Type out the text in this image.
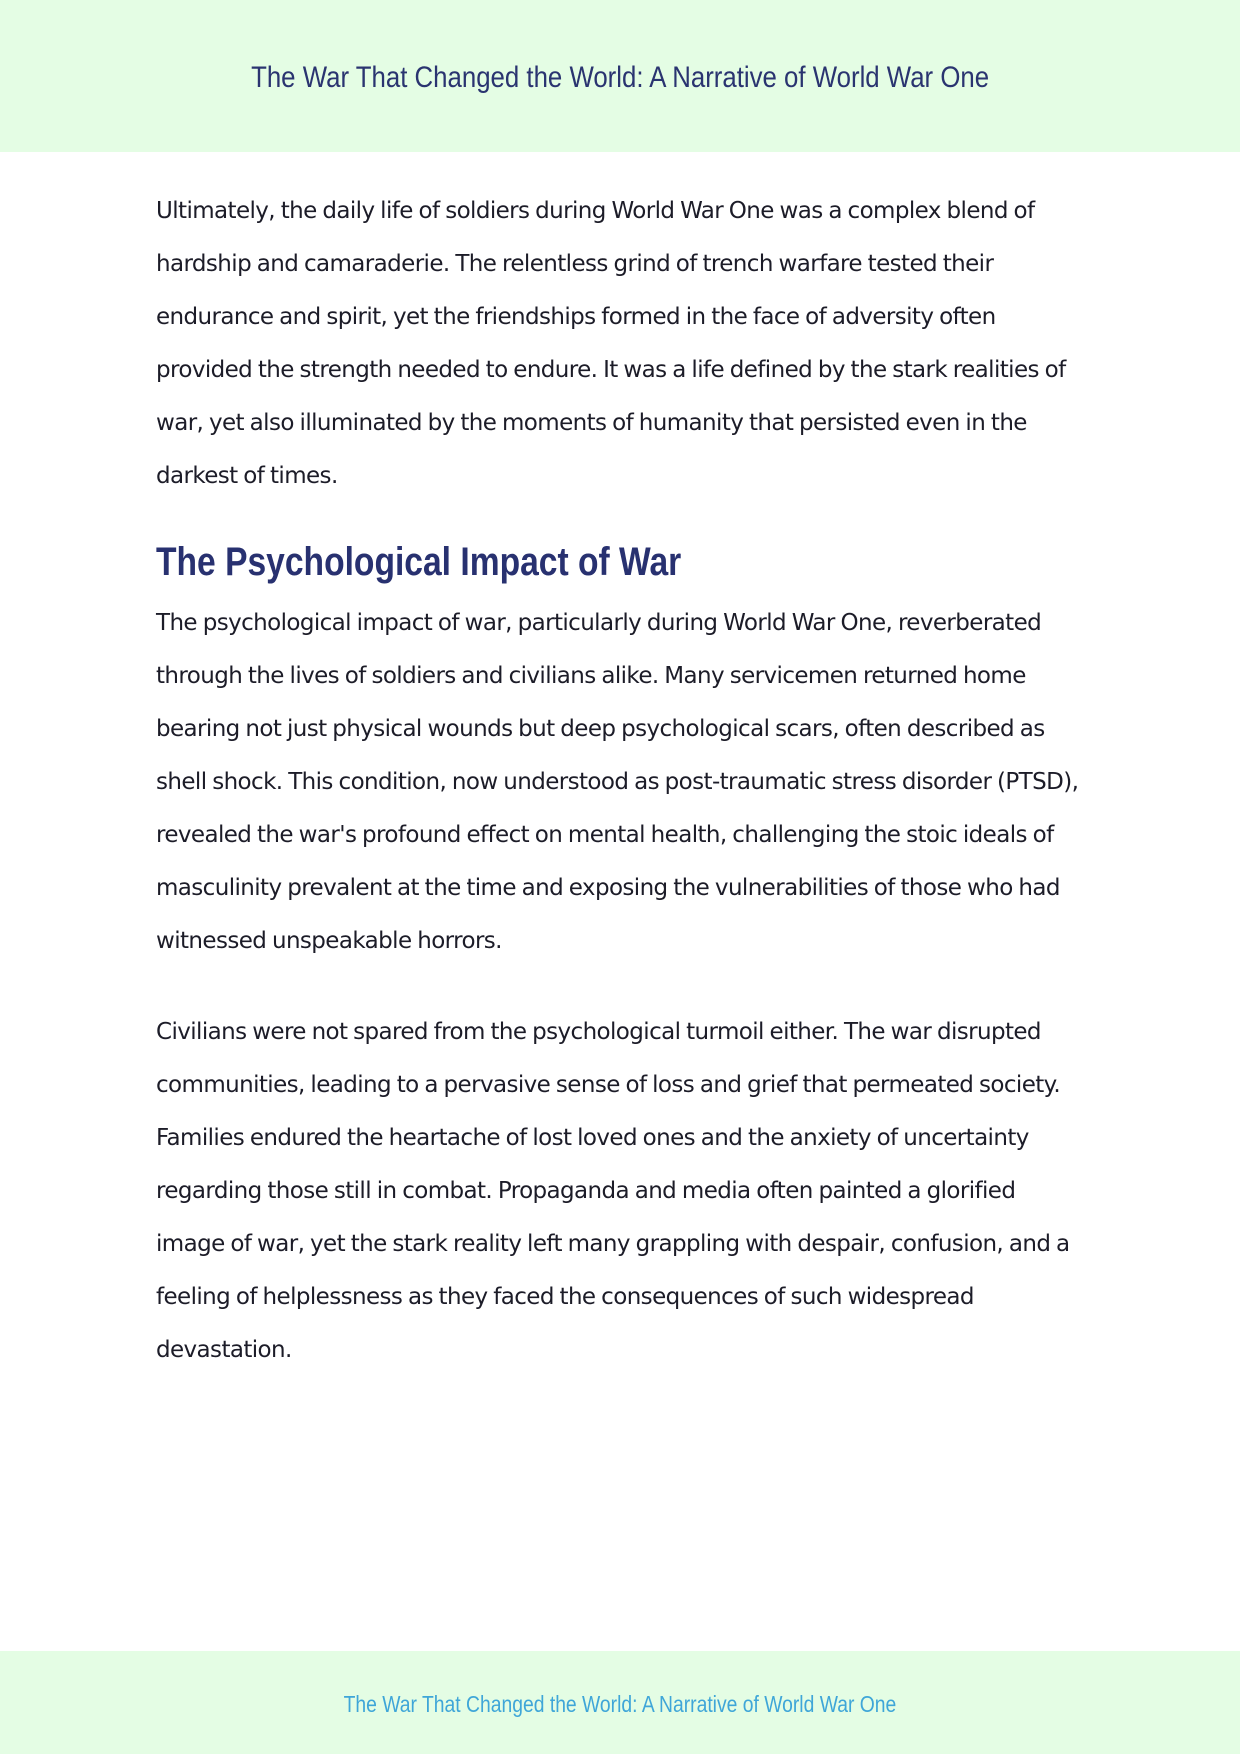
The War That Changed the World: A Narrative of World War One

Ultimately, the daily life of soldiers during World War One was a complex blend of hardship and camaraderie. The relentless grind of trench warfare tested their endurance and spirit, yet the friendships formed in the face of adversity often provided the strength needed to endure. It was a life defined by the stark realities of war, yet also illuminated by the moments of humanity that persisted even in the darkest of times.

The Psychological Impact of War

The psychological impact of war, particularly during World War One, reverberated through the lives of soldiers and civilians alike. Many servicemen returned home bearing not just physical wounds but deep psychological scars, often described as shell shock. This condition, now understood as post-traumatic stress disorder (PTSD), revealed the war's profound effect on mental health, challenging the stoic ideals of masculinity prevalent at the time and exposing the vulnerabilities of those who had witnessed unspeakable horrors.

Civilians were not spared from the psychological turmoil either. The war disrupted communities, leading to a pervasive sense of loss and grief that permeated society. Families endured the heartache of lost loved ones and the anxiety of uncertainty regarding those still in combat. Propaganda and media often painted a glorified image of war, yet the stark reality left many grappling with despair, confusion, and a feeling of helplessness as they faced the consequences of such widespread devastation.

The War That Changed the World: A Narrative of World War One
